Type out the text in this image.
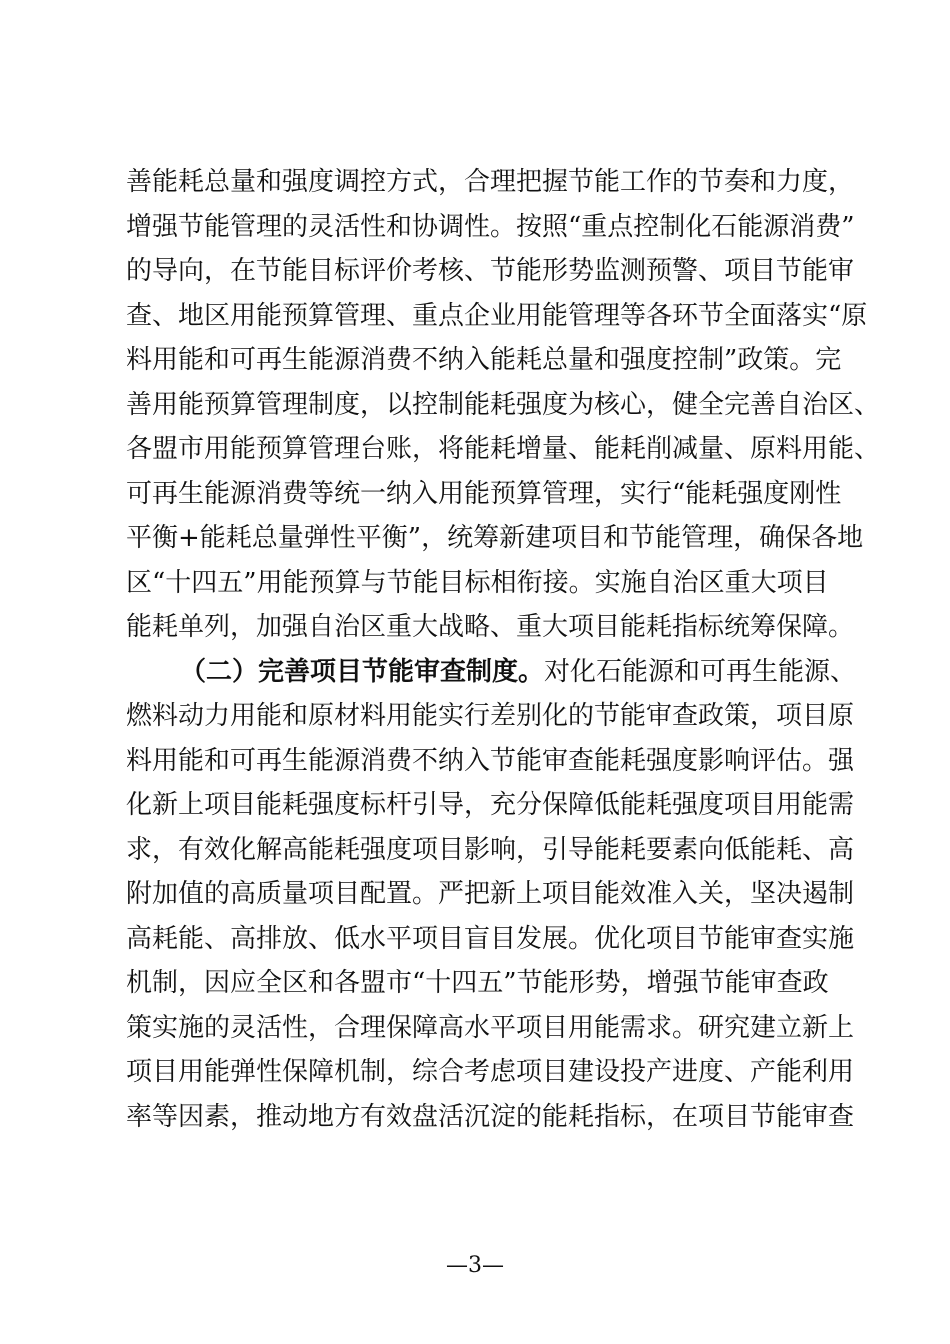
善能耗总量和强度调控方式，合理把握节能工作的节奏和力度，
增强节能管理的灵活性和协调性。按照“重点控制化石能源消费”
的导向，在节能目标评价考核、节能形势监测预警、项目节能审
查、地区用能预算管理、重点企业用能管理等各环节全面落实“原
料用能和可再生能源消费不纳入能耗总量和强度控制”政策。完
善用能预算管理制度，以控制能耗强度为核心，健全完善自治区、
各盟市用能预算管理台账，将能耗增量、能耗削减量、原料用能、
可再生能源消费等统一纳入用能预算管理，实行“能耗强度刚性
平衡+能耗总量弹性平衡”，统筹新建项目和节能管理，确保各地
区“十四五”用能预算与节能目标相衔接。实施自治区重大项目
能耗单列，加强自治区重大战略、重大项目能耗指标统筹保障。
（二）完善项目节能审查制度。对化石能源和可再生能源、
燃料动力用能和原材料用能实行差别化的节能审查政策，项目原
料用能和可再生能源消费不纳入节能审查能耗强度影响评估。强
化新上项目能耗强度标杆引导，充分保障低能耗强度项目用能需
求，有效化解高能耗强度项目影响，引导能耗要素向低能耗、高
附加值的高质量项目配置。严把新上项目能效准入关，坚决遏制
高耗能、高排放、低水平项目盲目发展。优化项目节能审查实施
机制，因应全区和各盟市“十四五”节能形势，增强节能审查政
策实施的灵活性，合理保障高水平项目用能需求。研究建立新上
项目用能弹性保障机制，综合考虑项目建设投产进度、产能利用
率等因素，推动地方有效盘活沉淀的能耗指标，在项目节能审查
—3—
